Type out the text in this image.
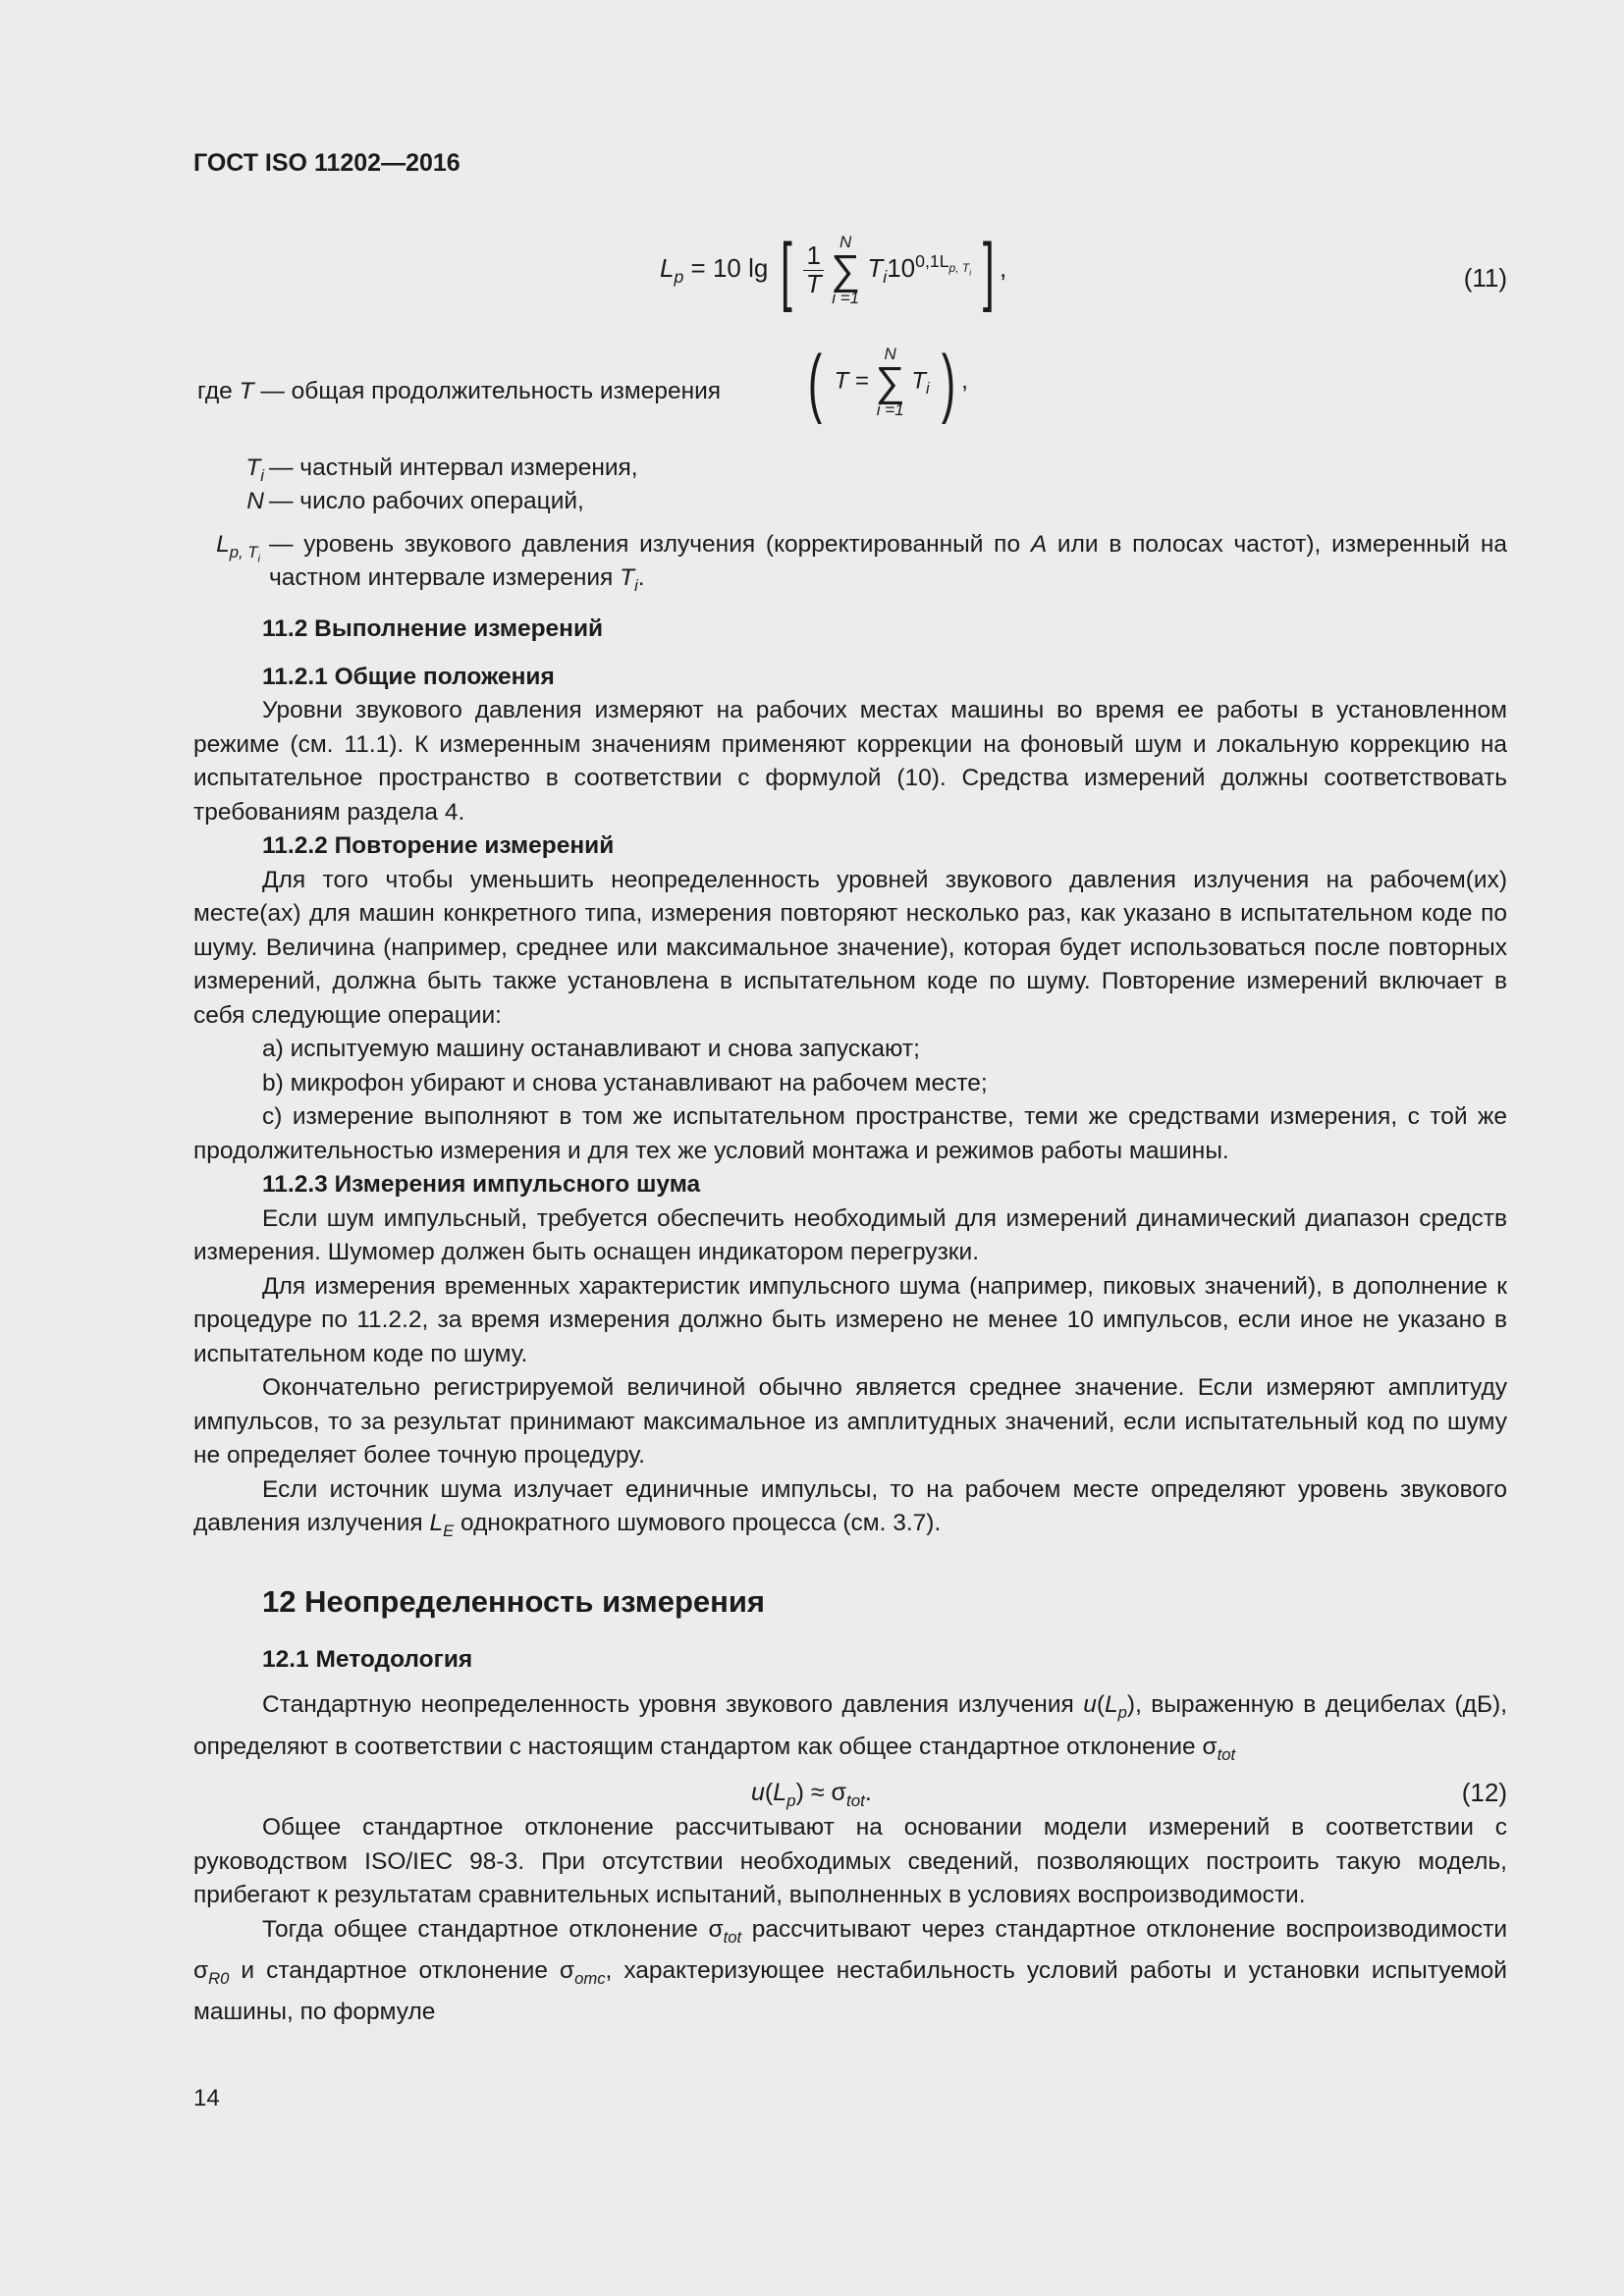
ГОСТ ISO 11202—2016
$L_p = 10$ lg [ $\frac{1}{T}$

N
∑
i =1
$T_i10^{0,1L_{p, T_i}}$ ] ,	(11)
где T — общая продолжительность измерения ( T =
N
∑
i =1
$T_i$ ) ,
$T_i$ — частный интервал измерения,
N — число рабочих операций,
$L_{p, T_i}$
— уровень звукового давления излучения (корректированный по A или в полосах частот), измеренный на частном интервале измерения $T_i$.
11.2 Выполнение измерений
11.2.1 Общие положения

Уровни звукового давления измеряют на рабочих местах машины во время ее работы в установленном режиме (см. 11.1). К измеренным значениям применяют коррекции на фоновый шум и локальную коррекцию на испытательное пространство в соответствии с формулой (10). Средства измерений должны соответствовать требованиям раздела 4.

11.2.2 Повторение измерений

Для того чтобы уменьшить неопределенность уровней звукового давления излучения на рабочем(их) месте(ах) для машин конкретного типа, измерения повторяют несколько раз, как указано в испытательном коде по шуму. Величина (например, среднее или максимальное значение), которая будет использоваться после повторных измерений, должна быть также установлена в испытательном коде по шуму. Повторение измерений включает в себя следующие операции:

a) испытуемую машину останавливают и снова запускают;

b) микрофон убирают и снова устанавливают на рабочем месте;

c) измерение выполняют в том же испытательном пространстве, теми же средствами измерения, с той же продолжительностью измерения и для тех же условий монтажа и режимов работы машины.

11.2.3 Измерения импульсного шума

Если шум импульсный, требуется обеспечить необходимый для измерений динамический диапазон средств измерения. Шумомер должен быть оснащен индикатором перегрузки.

Для измерения временных характеристик импульсного шума (например, пиковых значений), в дополнение к процедуре по 11.2.2, за время измерения должно быть измерено не менее 10 импульсов, если иное не указано в испытательном коде по шуму.

Окончательно регистрируемой величиной обычно является среднее значение. Если измеряют амплитуду импульсов, то за результат принимают максимальное из амплитудных значений, если испытательный код по шуму не определяет более точную процедуру.

Если источник шума излучает единичные импульсы, то на рабочем месте определяют уровень звукового давления излучения $L_E$ однократного шумового процесса (см. 3.7).

12 Неопределенность измерения
12.1 Методология

Стандартную неопределенность уровня звукового давления излучения $u(L_p)$, выраженную в децибелах (дБ), определяют в соответствии с настоящим стандартом как общее стандартное отклонение $\sigma_{tot}$

$u(L_p) \approx \sigma_{tot}$.	(12)

Общее стандартное отклонение рассчитывают на основании модели измерений в соответствии с руководством ISO/IEC 98-3. При отсутствии необходимых сведений, позволяющих построить такую модель, прибегают к результатам сравнительных испытаний, выполненных в условиях воспроизводимости.

Тогда общее стандартное отклонение $\sigma_{tot}$ рассчитывают через стандартное отклонение воспроизводимости $\sigma_{R0}$ и стандартное отклонение $\sigma_{omc}$, характеризующее нестабильность условий работы и установки испытуемой машины, по формуле

14
